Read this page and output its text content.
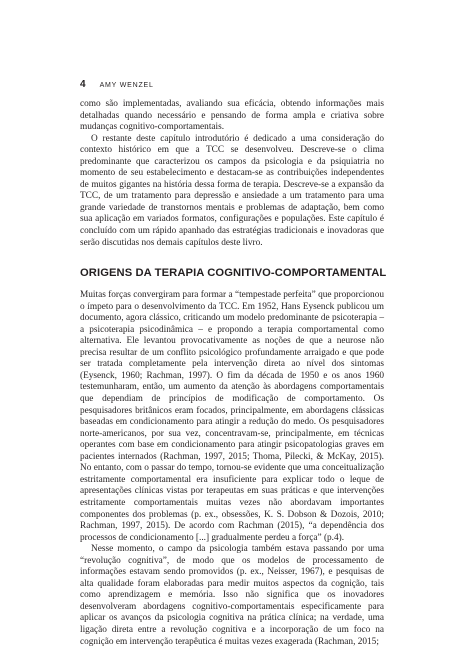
4 AMY WENZEL

como são implementadas, avaliando sua eficácia, obtendo informações mais detalhadas quando necessário e pensando de forma ampla e criativa sobre mudanças cognitivo-comportamentais.

O restante deste capítulo introdutório é dedicado a uma consideração do contexto histórico em que a TCC se desenvolveu. Descreve-se o clima predominante que caracterizou os campos da psicologia e da psiquiatria no momento de seu estabelecimento e destacam-se as contribuições independentes de muitos gigantes na história dessa forma de terapia. Descreve-se a expansão da TCC, de um tratamento para depressão e ansiedade a um tratamento para uma grande variedade de transtornos mentais e problemas de adaptação, bem como sua aplicação em variados formatos, configurações e populações. Este capítulo é concluído com um rápido apanhado das estratégias tradicionais e inovadoras que serão discutidas nos demais capítulos deste livro.

ORIGENS DA TERAPIA COGNITIVO-COMPORTAMENTAL

Muitas forças convergiram para formar a “tempestade perfeita” que proporcionou o ímpeto para o desenvolvimento da TCC. Em 1952, Hans Eysenck publicou um documento, agora clássico, criticando um modelo predominante de psicoterapia – a psicoterapia psicodinâmica – e propondo a terapia comportamental como alternativa. Ele levantou provocativamente as noções de que a neurose não precisa resultar de um conflito psicológico profundamente arraigado e que pode ser tratada completamente pela intervenção direta ao nível dos sintomas (Eysenck, 1960; Rachman, 1997). O fim da década de 1950 e os anos 1960 testemunharam, então, um aumento da atenção às abordagens comportamentais que dependiam de princípios de modificação de comportamento. Os pesquisadores britânicos eram focados, principalmente, em abordagens clássicas baseadas em condicionamento para atingir a redução do medo. Os pesquisadores norte-americanos, por sua vez, concentravam-se, principalmente, em técnicas operantes com base em condicionamento para atingir psicopatologias graves em pacientes internados (Rachman, 1997, 2015; Thoma, Pilecki, & McKay, 2015). No entanto, com o passar do tempo, tornou-se evidente que uma conceitualização estritamente comportamental era insuficiente para explicar todo o leque de apresentações clínicas vistas por terapeutas em suas práticas e que intervenções estritamente comportamentais muitas vezes não abordavam importantes componentes dos problemas (p. ex., obsessões, K. S. Dobson & Dozois, 2010; Rachman, 1997, 2015). De acordo com Rachman (2015), “a dependência dos processos de condicionamento [...] gradualmente perdeu a força” (p.4).

Nesse momento, o campo da psicologia também estava passando por uma “revolução cognitiva”, de modo que os modelos de processamento de informações estavam sendo promovidos (p. ex., Neisser, 1967), e pesquisas de alta qualidade foram elaboradas para medir muitos aspectos da cognição, tais como aprendizagem e memória. Isso não significa que os inovadores desenvolveram abordagens cognitivo-comportamentais especificamente para aplicar os avanços da psicologia cognitiva na prática clínica; na verdade, uma ligação direta entre a revolução cognitiva e a incorporação de um foco na cognição em intervenção terapêutica é muitas vezes exagerada (Rachman, 2015;
